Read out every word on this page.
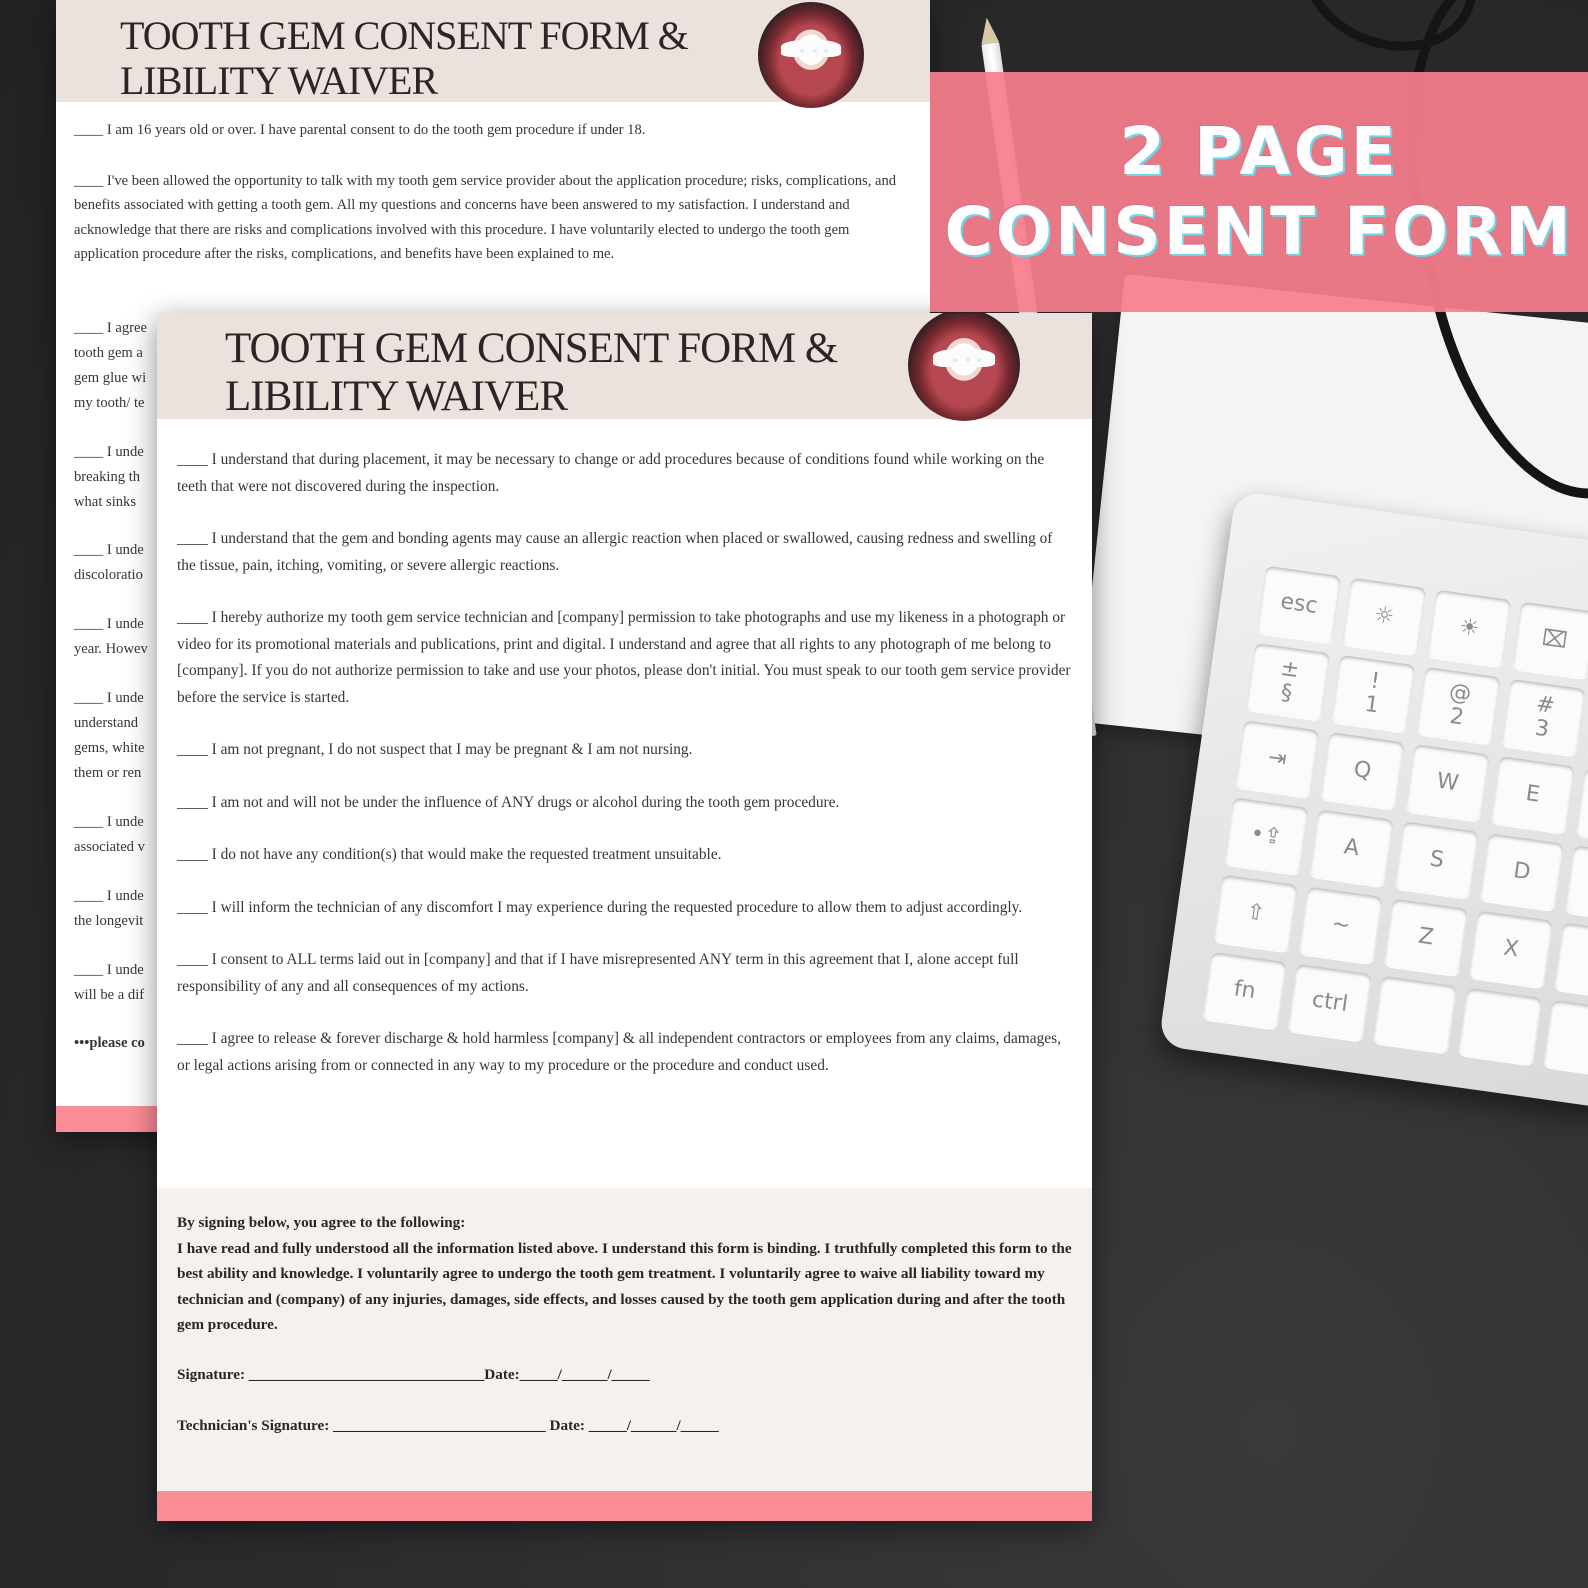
esc	☼	☀	⌧
±
§	!
1	@
2	#
3
⇥	Q	W	E
•⇪	A	S	D
⇧	~	Z	X
fn	ctrl
TOOTH GEM CONSENT FORM &
LIBILITY WAIVER

____ I am 16 years old or over. I have parental consent to do the tooth gem procedure if under 18.

____ I've been allowed the opportunity to talk with my tooth gem service provider about the application procedure; risks, complications, and benefits associated with getting a tooth gem. All my questions and concerns have been answered to my satisfaction. I understand and acknowledge that there are risks and complications involved with this procedure. I have voluntarily elected to undergo the tooth gem application procedure after the risks, complications, and benefits have been explained to me.

____ I agree
tooth gem a
gem glue wi
my tooth/ te
____ I unde
breaking th
what sinks
____ I unde
discoloratio
____ I unde
year. Howev
____ I unde
understand
gems, white
them or ren
____ I unde
associated v
____ I unde
the longevit
____ I unde
will be a dif
•••please co
TOOTH GEM CONSENT FORM &
LIBILITY WAIVER

____ I understand that during placement, it may be necessary to change or add procedures because of conditions found while working on the teeth that were not discovered during the inspection.

____ I understand that the gem and bonding agents may cause an allergic reaction when placed or swallowed, causing redness and swelling of the tissue, pain, itching, vomiting, or severe allergic reactions.

____ I hereby authorize my tooth gem service technician and [company] permission to take photographs and use my likeness in a photograph or video for its promotional materials and publications, print and digital. I understand and agree that all rights to any photograph of me belong to [company]. If you do not authorize permission to take and use your photos, please don't initial. You must speak to our tooth gem service provider before the service is started.

____ I am not pregnant, I do not suspect that I may be pregnant & I am not nursing.

____ I am not and will not be under the influence of ANY drugs or alcohol during the tooth gem procedure.

____ I do not have any condition(s) that would make the requested treatment unsuitable.

____ I will inform the technician of any discomfort I may experience during the requested procedure to allow them to adjust accordingly.

____ I consent to ALL terms laid out in [company] and that if I have misrepresented ANY term in this agreement that I, alone accept full responsibility of any and all consequences of my actions.

____ I agree to release & forever discharge & hold harmless [company] & all independent contractors or employees from any claims, damages, or legal actions arising from or connected in any way to my procedure or the procedure and conduct used.

By signing below, you agree to the following:
I have read and fully understood all the information listed above. I understand this form is binding. I truthfully completed this form to the best ability and knowledge. I voluntarily agree to undergo the tooth gem treatment. I voluntarily agree to waive all liability toward my technician and (company) of any injuries, damages, side effects, and losses caused by the tooth gem application during and after the tooth gem procedure.
Signature: _______________________________Date:_____/______/_____
Technician's Signature: ____________________________ Date: _____/______/_____
2 PAGE
CONSENT FORM
